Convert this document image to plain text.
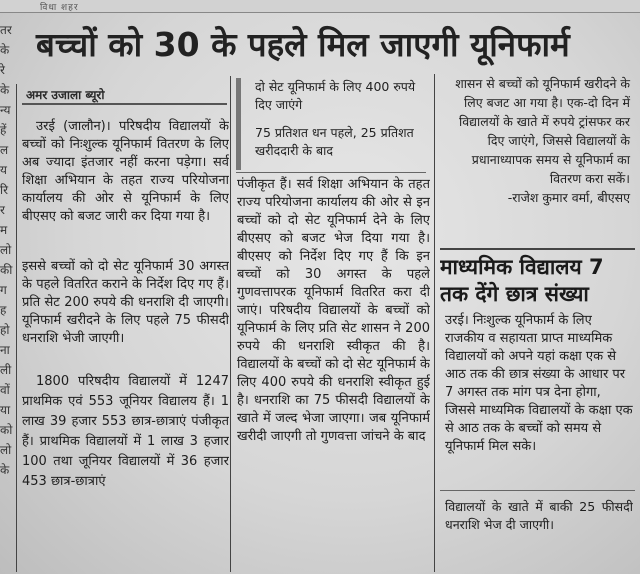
विधा शहर
तर
के
रे
के
न्य
हें
ल
य
रि
र
म
लो
की
ग
ह
हो
ना
ली
वों
या
को
लो
के
बच्चों को 30 के पहले मिल जाएगी यूनिफार्म
अमर उजाला ब्यूरो

उरई (जालौन)। परिषदीय विद्यालयों के बच्चों को निःशुल्क यूनिफार्म वितरण के लिए अब ज्यादा इंतजार नहीं करना पड़ेगा। सर्व शिक्षा अभियान के तहत राज्य परियोजना कार्यालय की ओर से यूनिफार्म के लिए बीएसए को बजट जारी कर दिया गया है।

इससे बच्चों को दो सेट यूनिफार्म 30 अगस्त के पहले वितरित कराने के निर्देश दिए गए हैं। प्रति सेट 200 रुपये की धनराशि दी जाएगी। यूनिफार्म खरीदने के लिए पहले 75 फीसदी धनराशि भेजी जाएगी।

1800 परिषदीय विद्यालयों में 1247 प्राथमिक एवं 553 जूनियर विद्यालय हैं। 1 लाख 39 हजार 553 छात्र-छात्राएं पंजीकृत हैं। प्राथमिक विद्यालयों में 1 लाख 3 हजार 100 तथा जूनियर विद्यालयों में 36 हजार 453 छात्र-छात्राएं

दो सेट यूनिफार्म के लिए 400 रुपये दिए जाएंगे

75 प्रतिशत धन पहले, 25 प्रतिशत खरीददारी के बाद

पंजीकृत हैं। सर्व शिक्षा अभियान के तहत राज्य परियोजना कार्यालय की ओर से इन बच्चों को दो सेट यूनिफार्म देने के लिए बीएसए को बजट भेज दिया गया है। बीएसए को निर्देश दिए गए हैं कि इन बच्चों को 30 अगस्त के पहले गुणवत्तापरक यूनिफार्म वितरित करा दी जाएं। परिषदीय विद्यालयों के बच्चों को यूनिफार्म के लिए प्रति सेट शासन ने 200 रुपये की धनराशि स्वीकृत की है। विद्यालयों के बच्चों को दो सेट यूनिफार्म के लिए 400 रुपये की धनराशि स्वीकृत हुई है। धनराशि का 75 फीसदी विद्यालयों के खाते में जल्द भेजा जाएगा। जब यूनिफार्म खरीदी जाएगी तो गुणवत्ता जांचने के बाद

शासन से बच्चों को यूनिफार्म खरीदने के लिए बजट आ गया है। एक-दो दिन में विद्यालयों के खाते में रुपये ट्रांसफर कर दिए जाएंगे, जिससे विद्यालयों के प्रधानाध्यापक समय से यूनिफार्म का वितरण करा सकें।

-राजेश कुमार वर्मा, बीएसए

माध्यमिक विद्यालय 7
तक देंगे छात्र संख्या

उरई। निःशुल्क यूनिफार्म के लिए राजकीय व सहायता प्राप्त माध्यमिक विद्यालयों को अपने यहां कक्षा एक से आठ तक की छात्र संख्या के आधार पर 7 अगस्त तक मांग पत्र देना होगा, जिससे माध्यमिक विद्यालयों के कक्षा एक से आठ तक के बच्चों को समय से यूनिफार्म मिल सके।

विद्यालयों के खाते में बाकी 25 फीसदी धनराशि भेज दी जाएगी।
